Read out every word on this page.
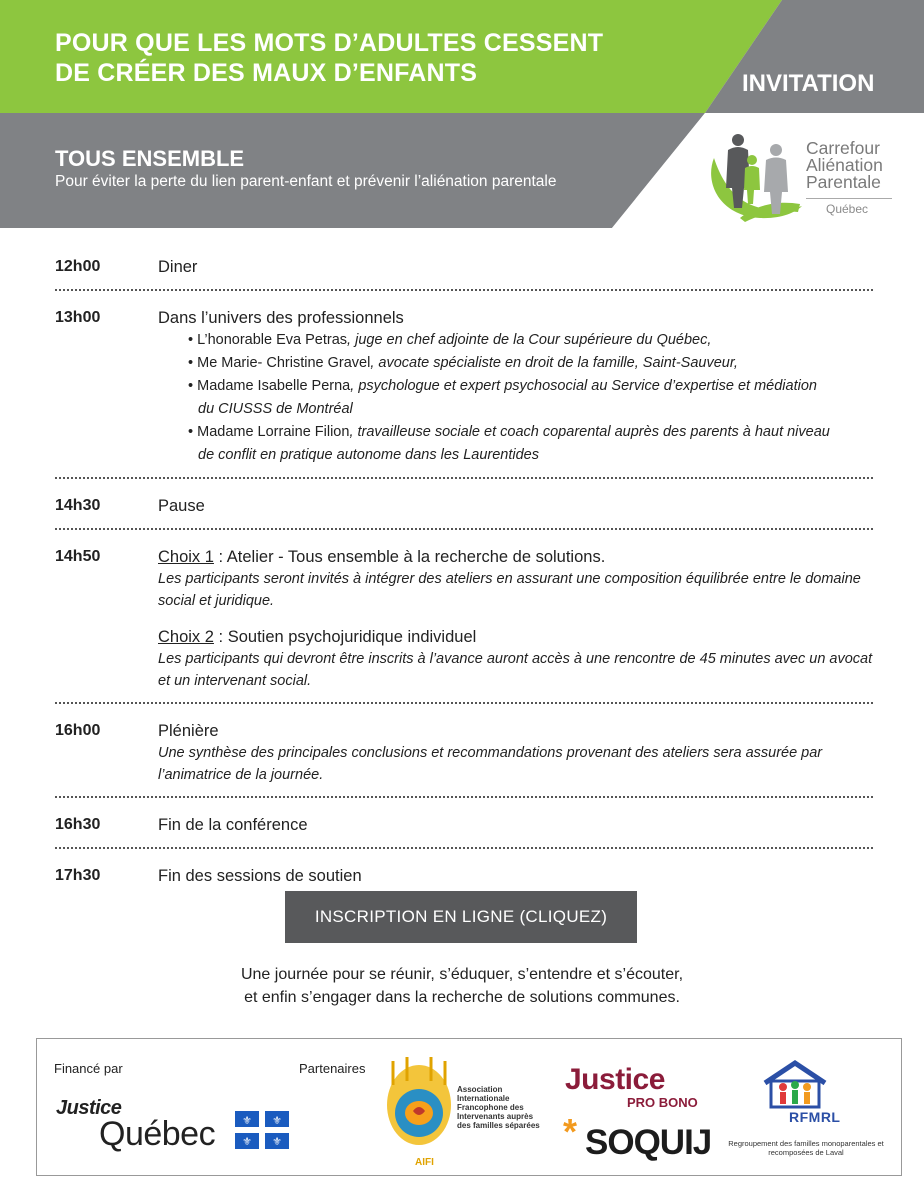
POUR QUE LES MOTS D’ADULTES CESSENT
DE CRÉER DES MAUX D’ENFANTS	INVITATION
TOUS ENSEMBLE
Pour éviter la perte du lien parent-enfant et prévenir l’aliénation parentale
Carrefour
Aliénation
Parentale
Québec
12h00	Diner
13h00	Dans l’univers des professionnels
• L’honorable Eva Petras, juge en chef adjointe de la Cour supérieure du Québec,
• Me Marie- Christine Gravel, avocate spécialiste en droit de la famille, Saint-Sauveur,
• Madame Isabelle Perna, psychologue et expert psychosocial au Service d’expertise et médiation
du CIUSSS de Montréal
• Madame Lorraine Filion, travailleuse sociale et coach coparental auprès des parents à haut niveau
de conflit en pratique autonome dans les Laurentides
14h30	Pause
14h50	Choix 1 : Atelier - Tous ensemble à la recherche de solutions.
Les participants seront invités à intégrer des ateliers en assurant une composition équilibrée entre le domaine social et juridique.
Choix 2 : Soutien psychojuridique individuel
Les participants qui devront être inscrits à l’avance auront accès à une rencontre de 45 minutes avec un avocat et un intervenant social.
16h00	Plénière
Une synthèse des principales conclusions et recommandations provenant des ateliers sera assurée par l’animatrice de la journée.
16h30	Fin de la conférence
17h30	Fin des sessions de soutien
INSCRIPTION EN LIGNE (CLIQUEZ)
Une journée pour se réunir, s’éduquer, s’entendre et s’écouter,
et enfin s’engager dans la recherche de solutions communes.
Financé par	Partenaires
Justice
Québec ⚜ ⚜
⚜ ⚜
Association Internationale Francophone des Intervenants auprès des familles séparées
AIFI
Justice
PRO BONO
* SOQUIJ
RFMRL
Regroupement des familles monoparentales et recomposées de Laval
